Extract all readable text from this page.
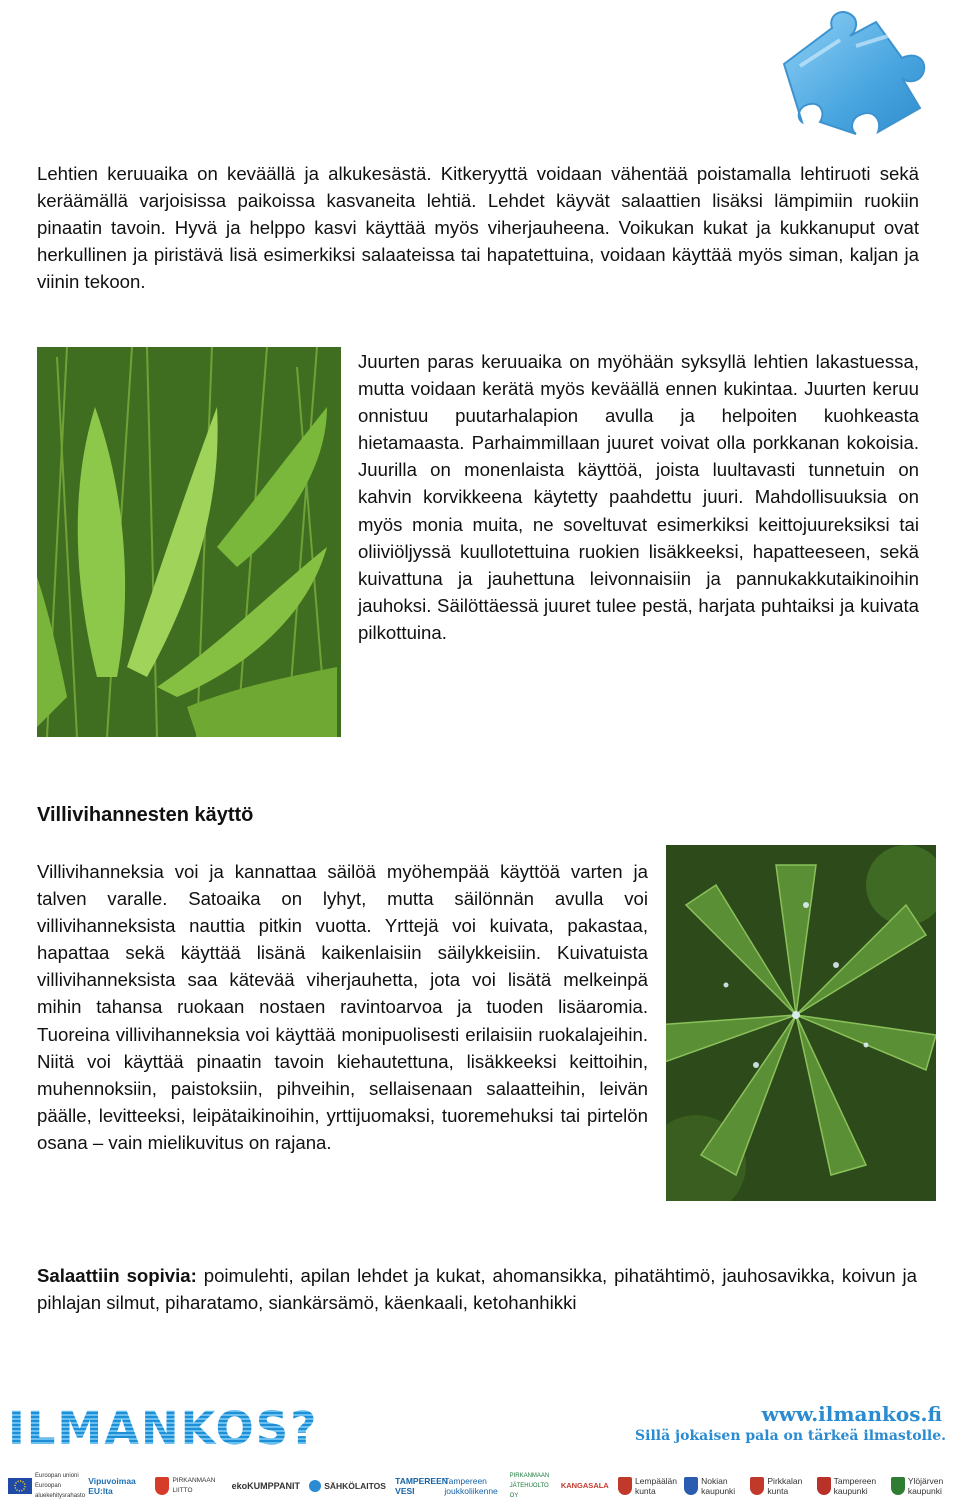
Lehtien keruuaika on keväällä ja alkukesästä. Kitkeryyttä voidaan vähentää poistamalla lehtiruoti sekä keräämällä varjoisissa paikoissa kasvaneita lehtiä. Lehdet käyvät salaattien lisäksi lämpimiin ruokiin pinaatin tavoin. Hyvä ja helppo kasvi käyttää myös viherjauheena. Voikukan kukat ja kukkanuput ovat herkullinen ja piristävä lisä esimerkiksi salaateissa tai hapatettuina, voidaan käyttää myös siman, kaljan ja viinin tekoon.

Juurten paras keruuaika on myöhään syksyllä lehtien lakastuessa, mutta voidaan kerätä myös keväällä ennen kukintaa. Juurten keruu onnistuu puutarhalapion avulla ja helpoiten kuohkeasta hietamaasta. Parhaimmillaan juuret voivat olla porkkanan kokoisia. Juurilla on monenlaista käyttöä, joista luultavasti tunnetuin on kahvin korvikkeena käytetty paahdettu juuri. Mahdollisuuksia on myös monia muita, ne soveltuvat esimerkiksi keittojuureksiksi tai oliiviöljyssä kuullotettuina ruokien lisäkkeeksi, hapatteeseen, sekä kuivattuna ja jauhettuna leivonnaisiin ja pannukakkutaikinoihin jauhoksi. Säilöttäessä juuret tulee pestä, harjata puhtaiksi ja kuivata pilkottuina.

Villivihannesten käyttö

Villivihanneksia voi ja kannattaa säilöä myöhempää käyttöä varten ja talven varalle. Satoaika on lyhyt, mutta säilönnän avulla voi villivihanneksista nauttia pitkin vuotta. Yrttejä voi kuivata, pakastaa, hapattaa sekä käyttää lisänä kaikenlaisiin säilykkeisiin. Kuivatuista villivihanneksista saa kätevää viherjauhetta, jota voi lisätä melkeinpä mihin tahansa ruokaan nostaen ravintoarvoa ja tuoden lisäaromia. Tuoreina villivihanneksia voi käyttää monipuolisesti erilaisiin ruokalajeihin. Niitä voi käyttää pinaatin tavoin kiehautettuna, lisäkkeeksi keittoihin, muhennoksiin, paistoksiin, pihveihin, sellaisenaan salaatteihin, leivän päälle, levitteeksi, leipätaikinoihin, yrttijuomaksi, tuoremehuksi tai pirtelön osana – vain mielikuvitus on rajana.

Salaattiin sopivia: poimulehti, apilan lehdet ja kukat, ahomansikka, pihatähtimö, jauhosavikka, koivun ja pihlajan silmut, piharatamo, siankärsämö, käenkaali, ketohanhikki

ILMANKOS?	www.ilmankos.fi
Sillä jokaisen pala on tärkeä ilmastolle.
Euroopan unioni Euroopan aluekehitysrahasto
Vipuvoimaa EU:lta
PIRKANMAAN LIITTO	ekoKUMPPANIT	SÄHKÖLAITOS TAMPEREEN VESI
Tampereen joukkoliikenne
PIRKANMAAN JÄTEHUOLTO OY
KANGASALA	Lempäälän kunta
Nokian kaupunki
Pirkkalan kunta
Tampereen kaupunki
Ylöjärven kaupunki
